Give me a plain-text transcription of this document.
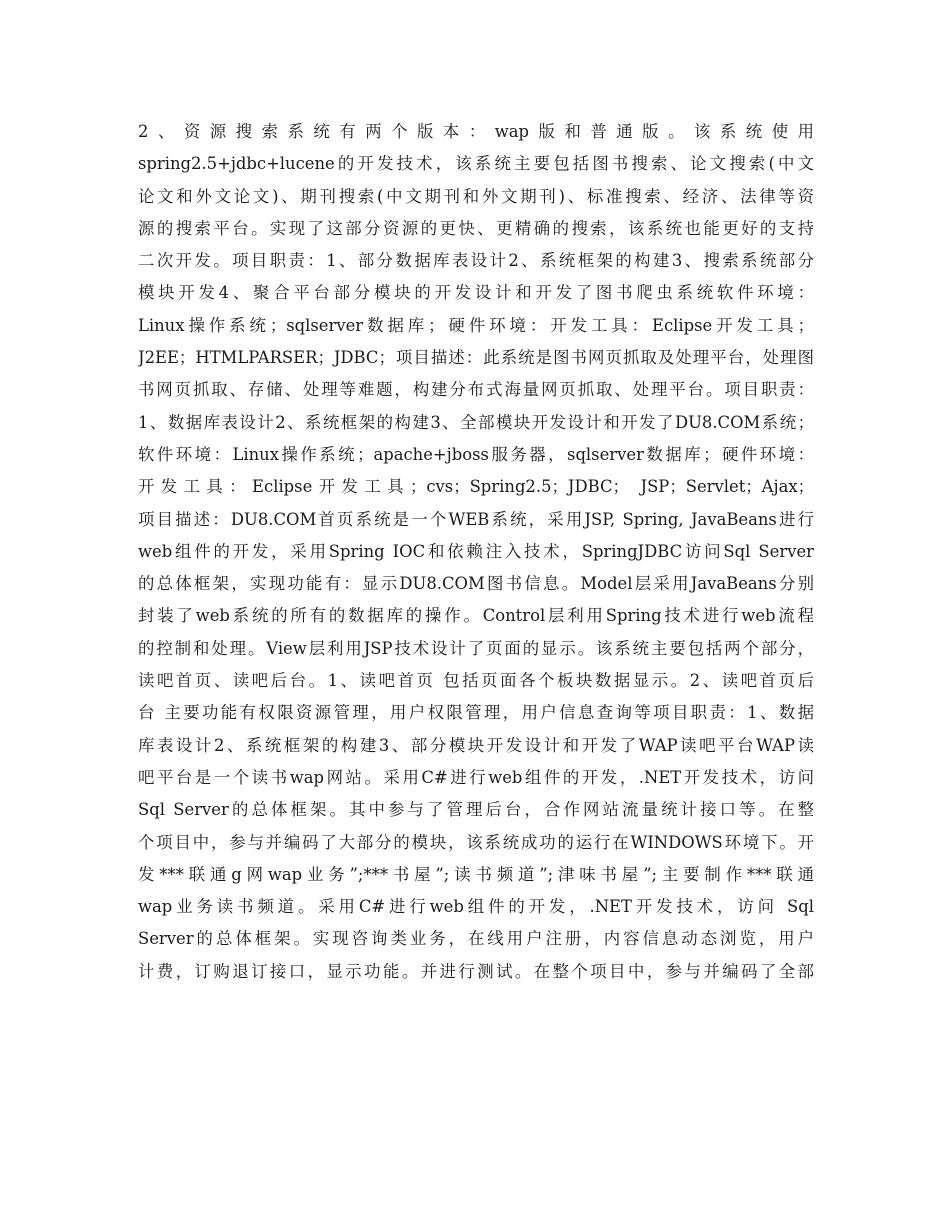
2、资源搜索系统有两个版本：wap版和普通版。该系统使用
spring2.5+jdbc+lucene的开发技术，该系统主要包括图书搜索、论文搜索(中文
论文和外文论文)、期刊搜索(中文期刊和外文期刊)、标准搜索、经济、法律等资
源的搜索平台。实现了这部分资源的更快、更精确的搜索，该系统也能更好的支持
二次开发。项目职责：1、部分数据库表设计2、系统框架的构建3、搜索系统部分
模块开发4、聚合平台部分模块的开发设计和开发了图书爬虫系统软件环境：
Linux操作系统；sqlserver数据库；硬件环境：开发工具：Eclipse开发工具；
J2EE；HTMLPARSER；JDBC；项目描述：此系统是图书网页抓取及处理平台，处理图
书网页抓取、存储、处理等难题，构建分布式海量网页抓取、处理平台。项目职责：
1、数据库表设计2、系统框架的构建3、全部模块开发设计和开发了DU8.COM系统；
软件环境：Linux操作系统；apache+jboss服务器，sqlserver数据库；硬件环境：
开发工具：Eclipse开发工具；cvs；Spring2.5；JDBC； JSP；Servlet；Ajax；
项目描述：DU8.COM首页系统是一个WEB系统，采用JSP, Spring, JavaBeans进行
web组件的开发，采用Spring IOC和依赖注入技术，SpringJDBC访问Sql Server
的总体框架，实现功能有：显示DU8.COM图书信息。Model层采用JavaBeans分别
封装了web系统的所有的数据库的操作。Control层利用Spring技术进行web流程
的控制和处理。View层利用JSP技术设计了页面的显示。该系统主要包括两个部分，
读吧首页、读吧后台。1、读吧首页 包括页面各个板块数据显示。2、读吧首页后
台 主要功能有权限资源管理，用户权限管理，用户信息查询等项目职责：1、数据
库表设计2、系统框架的构建3、部分模块开发设计和开发了WAP读吧平台WAP读
吧平台是一个读书wap网站。采用C#进行web组件的开发，.NET开发技术，访问
Sql Server的总体框架。其中参与了管理后台，合作网站流量统计接口等。在整
个项目中，参与并编码了大部分的模块，该系统成功的运行在WINDOWS环境下。开
发***联通g网wap业务”;***书屋”;读书频道”;津味书屋”;主要制作***联通
wap业务读书频道。采用C#进行web组件的开发，.NET开发技术，访问 Sql
Server的总体框架。实现咨询类业务，在线用户注册，内容信息动态浏览，用户
计费，订购退订接口，显示功能。并进行测试。在整个项目中，参与并编码了全部
